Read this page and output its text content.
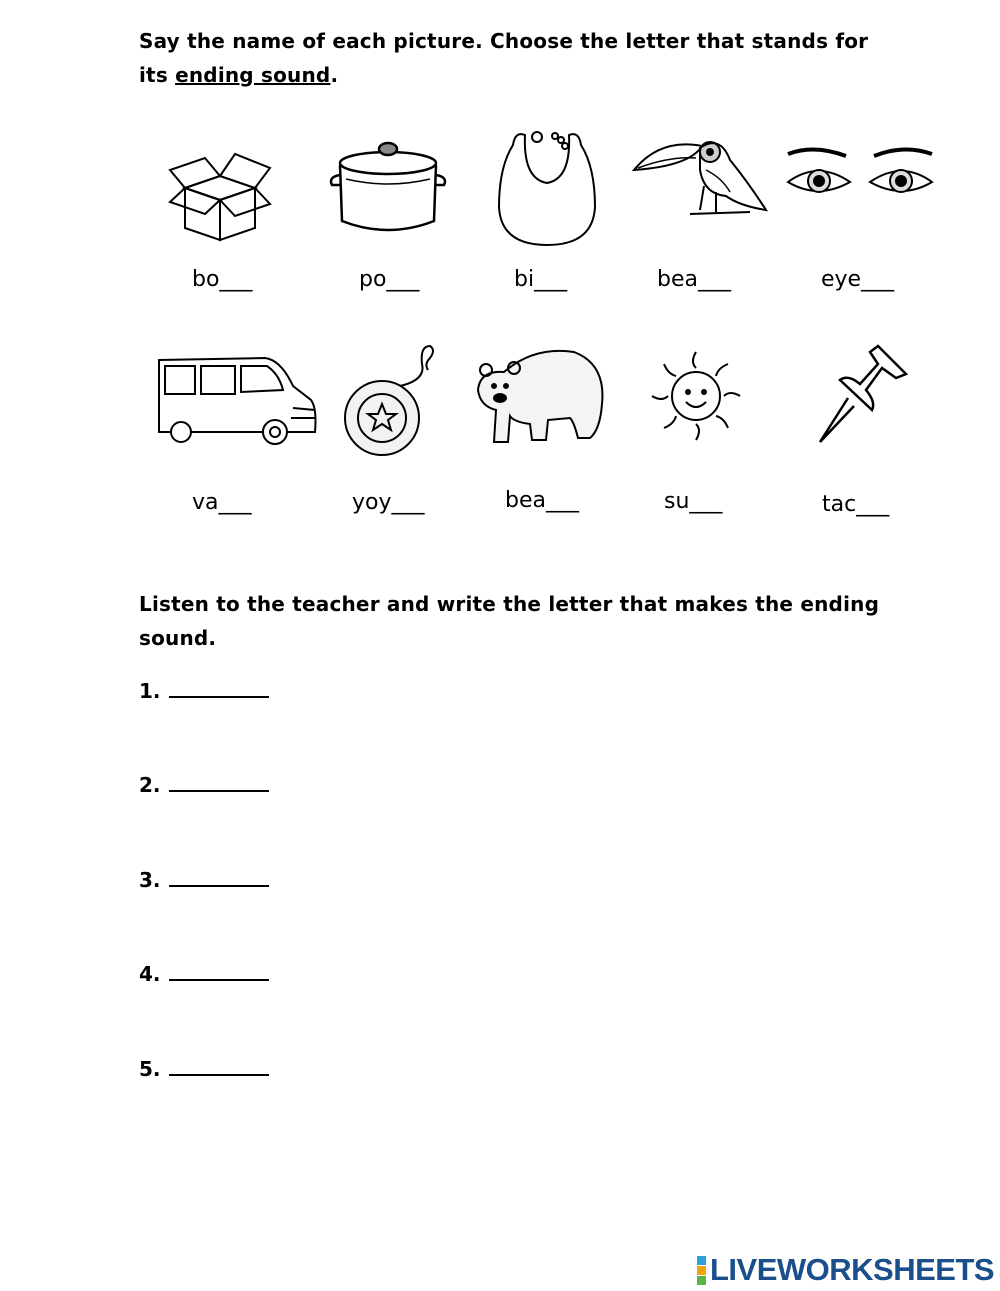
Say the name of each picture. Choose the letter that stands for its ending sound.
bo___	po___	bi___	bea___	eye___
va___	yoy___	bea___	su___	tac___
Listen to the teacher and write the letter that makes the ending sound.
1.
2.
3.
4.
5.
LIVEWORKSHEETS
